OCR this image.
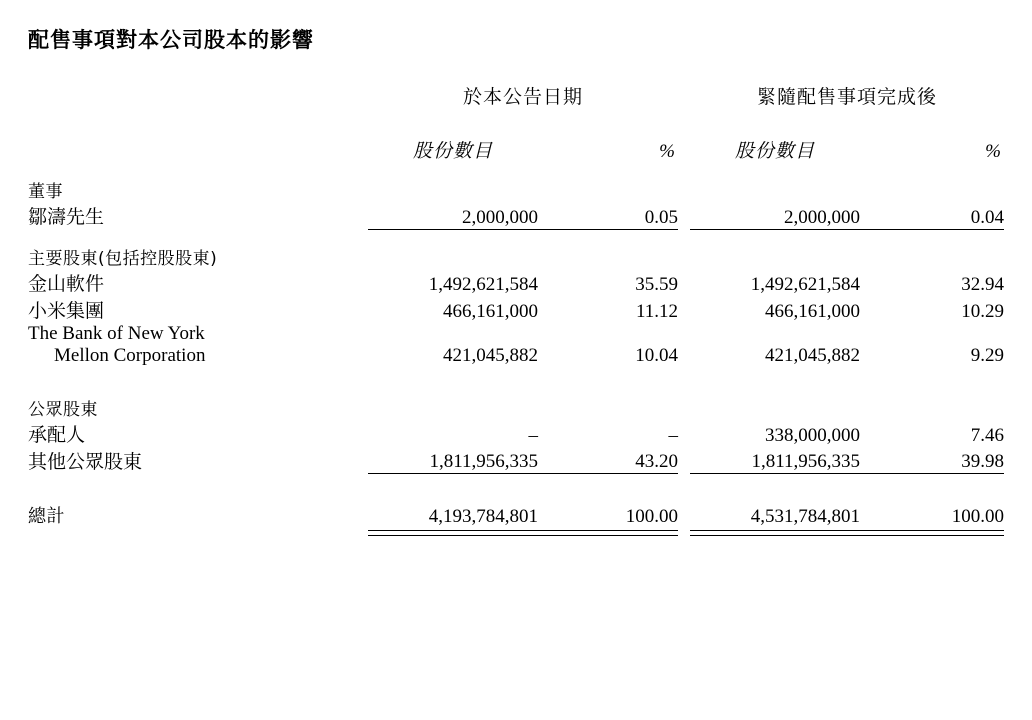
配售事項對本公司股本的影響

	於本公告日期			緊隨配售事項完成後	

	股份數目	%		股份數目	%

董事					
鄒濤先生	2,000,000	0.05		2,000,000	0.04

主要股東(包括控股股東)					
金山軟件	1,492,621,584	35.59		1,492,621,584	32.94
小米集團	466,161,000	11.12		466,161,000	10.29
The Bank of New York					
Mellon Corporation	421,045,882	10.04		421,045,882	9.29

公眾股東					
承配人	–	–		338,000,000	7.46
其他公眾股東	1,811,956,335	43.20		1,811,956,335	39.98

總計	4,193,784,801	100.00		4,531,784,801	100.00
